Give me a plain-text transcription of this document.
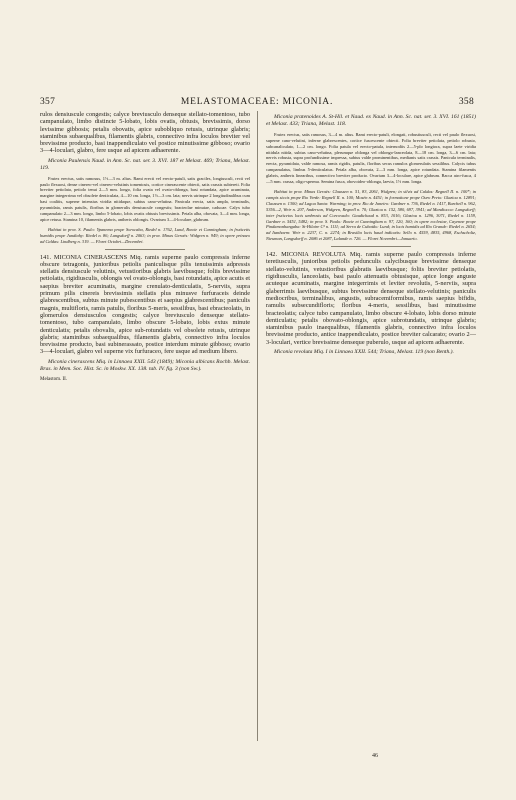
357	MELASTOMACEAE: MICONIA.	358

rulos densiuscule congestis; calyce breviusculo denseque stellato-tomentoso, tubo campanulato, limbo distincte 5-lobato, lobis ovatis, obtusis, brevissimis, dorso levissime gibbosis; petalis obovatis, apice subobliquo retusis, utrinque glabris; staminibus subaequalibus, filamentis glabris, connectivo infra loculos breviter vel brevissime producto, basi inappendiculato vel postice minutissime gibboso; ovario 3—4-loculari, glabro, fere usque ad apicem adhaerente.

Miconia Paulensis Naud. in Ann. Sc. nat. ser. 3. XVI. 187 et Melast. 469; Triana, Melast. 119.

Frutex erectus, satis ramosus, 1½—3 m. altus. Rami erecti vel erecto-patuli, satis graciles, longiusculi, recti vel paulo flexuosi, dense cinereo-vel cinereo-velutinis tomentosis, cortice cinerascente obtecti, satis crassis subtereti. Folia breviter petiolata, petiolo tenui 2—5 mm. longo, folia ovata vel ovato-oblonga, basi rotundata, apice acuminata, margine integerrima vel obsolete denticulata, 4—10 cm. longa, 1½—3 cm. lata; nervis utrinque 2 longitudinalibus cum basi coalitis, superne intensius viridia nitidaque, subtus cano-velutina. Panicula erecta, satis ampla, terminalis, pyramidata, ramis patulis, floribus in glomerulis densiuscule congestis; bracteolae minutae, caducae. Calyx tubo campanulato 2—3 mm. longo, limbo 5-lobato, lobis ovatis obtusis brevissimis. Petala alba, obovata, 3—4 mm. longa, apice retusa. Stamina 10, filamentis glabris, antheris oblongis. Ovarium 3—4-loculare, glabrum.

Habitat in prov. S. Paulo: Ypanema prope Sorocaba, Riedel n. 1762, Lund, Bowie et Cunningham; in fruticetis humidis prope Jundiahy: Riedel n. 86; Langsdorff n. 2063; in prov. Minas Geraës: Widgren n. 949; in opere prinaeo ad Caldas: Lindberg n. 319. — Floret Octobri—Decembri.

141. MICONIA CINERASCENS Miq. ramis superne paulo compressis inferne obscure tetragonis, junioribus petiolis paniculisque pilis tenuissimis adpressis stellatis densiuscule velutinis, vetustioribus glabris laevibusque; foliis brevissime petiolatis, rigidiusculis, oblongis vel ovato-oblongis, basi rotundatis, apice acutis et saepius breviter acuminatis, margine crenulato-denticulatis, 5-nerviis, supra primum pilis cinereis brevissimis stellatis plus minusve furfuraceis deinde glabrescentibus, subtus minute pubescentibus et saepius glabrescentibus; paniculis magnis, multifloris, ramis patulis, floribus 5-meris, sessilibus, basi ebracteolatis, in glomerulos densiusculos congestis; calyce breviusculo denseque stellato-tomentoso, tubo campanulato, limbo obscure 5-lobato, lobis extus minute denticulatis; petalis obovalis, apice sub-rotundatis vel obsolete retusis, utrinque glabris; staminibus subaequalibus, filamentis glabris, connectivo infra loculos brevissime producto, basi subinerassato, postice interdum minute gibboso; ovario 3—4-loculari, glabro vel superne vix furfuraceo, fere usque ad medium libero.

Miconia cinerascens Miq. in Linnaea XXII. 543 (1849); Miconia albicans Rochb. Melast. Bras. in Mem. Soc. Hist. Sc. in Moskw. XX. 138. tab. IV. fig. 3 (non Sw.).

Melastom. II.

Miconia pratenoides A. St-Hil. et Naud. ex Naud. in Ann. Sc. nat. ser. 3. XVI. 161 (1851) et Melast. 433; Triana, Melast. 118.

Frutex erectus, satis ramosus, 3—4 m. altus. Rami erecto-patuli, elongati, robustiusculi, recti vel paulo flexuosi, superne cano-velutini, inferne glabrescentes, cortice fuscescente obtecti. Folia breviter petiolata, petiolo robusto, subcanaliculato, 1—2 cm. longo. Folia patula vel erecto-patula, internodiis 2—5-plo longiora, supra laete viridia nitidula nitida, subtus cano-velutina, plerumque oblonga vel oblongo-lanceolata, 8—18 cm. longa, 3—6 cm. lata; nervis robusta, supra profundissime impressa, subtus valde prominentibus, medianis satis crassis. Panicula terminalis, erecta, pyramidata, valde ramosa, ramis rigidis, patulis, floribus secus ramulos glomerulatis sessilibus. Calycis tubus campanulatus, limbus 5-denticulatus. Petala alba, obovata, 2—3 mm. longa, apice rotundata. Stamina filamentis glabris, antheris linearibus, connectivo breviter producto. Ovarium 3—4-loculare, apice glabrum. Bacca atro-fusca, 4—5 mm. crassa, oligo-sperma. Semina fusca, obovoideo-oblonga, laevia, 1½ mm. longa.

Habitat in prov. Minas Geraës: Claussen n. 51, 83, 2061, Widgren; in silvis ad Caldas: Regnell II. n. 100*; in campis siccis prope Rio Verde: Regnell II. n. 100; Mosén n. 4451; in formatione prope Ouro Preto: Glaziou n. 12891; Claussen n. 1300; ad Lagoa Santa: Warming; in prov. Rio de Janeiro: Gardner n. 736, Riedel n. 1417, Burchell n. 962, 5356—2, Weir n. 207, Anderson, Widgren, Regnell n. 70; Glaziou n. 152, 580, 697, 3941; ad Mandiocca: Langsdorff; inter fruticetos locis umbrosis ad Corcovado: Gaudichaud n. 853, 1016; Glaziou n. 1296, 3071, Riedel n. 1159, Gardner n. 5451, 5482; in prov. S. Paulo: Bowie et Cunningham n. 97, 120, 160; in opere ecclesiae, Cayenne prope Pindamonhangaba: St-Hilaire C² n. 1111; ad Serra de Cubatão: Lund; in locis humidis ad Rio Grande: Riedel n. 2654; ad Itanhaem: Weir n. 2237, C. n. 2274; in Brasilia locis haud indicatis: Sello n. 4559, 4835, 4968, Eschscholtz, Nieuman, Langsdorff n. 2086 et 2087, Lalande n. 726. — Floret Novembri—Januario.

142. MICONIA REVOLUTA Miq. ramis superne paulo compressis inferne teretiusculis, junioribus petiolis pedunculis calycibusque brevissime denseque stellato-velutinis, vetustioribus glabratis laevibusque; foliis breviter petiolatis, rigidiusculis, lanceolatis, basi paulo attenuatis obtusisque, apice longe anguste acuteque acuminatis, margine integerrimis et leviter revolutis, 5-nerviis, supra glaberrimis laevibusque, subtus brevissime denseque stellato-velutinis; paniculis mediocribus, terminalibus, angustis, subracemiformibus, ramis saepius bifidis, ramulis subsecundifloris; floribus 4-meris, sessilibus, basi minutissime bracteolatis; calyce tubo campanulato, limbo obscure 4-lobato, lobis dorso minute denticulatis; petalis obovato-oblongis, apice subrotundatis, utrinque glabris; staminibus paulo inaequalibus, filamentis glabris, connectivo infra loculos brevissime producto, antice inappendiculato, postice breviter calcarato; ovario 2—3-loculari, vertice brevissime denseque puberulo, usque ad apicem adhaerente.

Miconia revoluta Miq. I in Linnaea XXII. 544; Triana, Melast. 119 (non Benth.).

46
